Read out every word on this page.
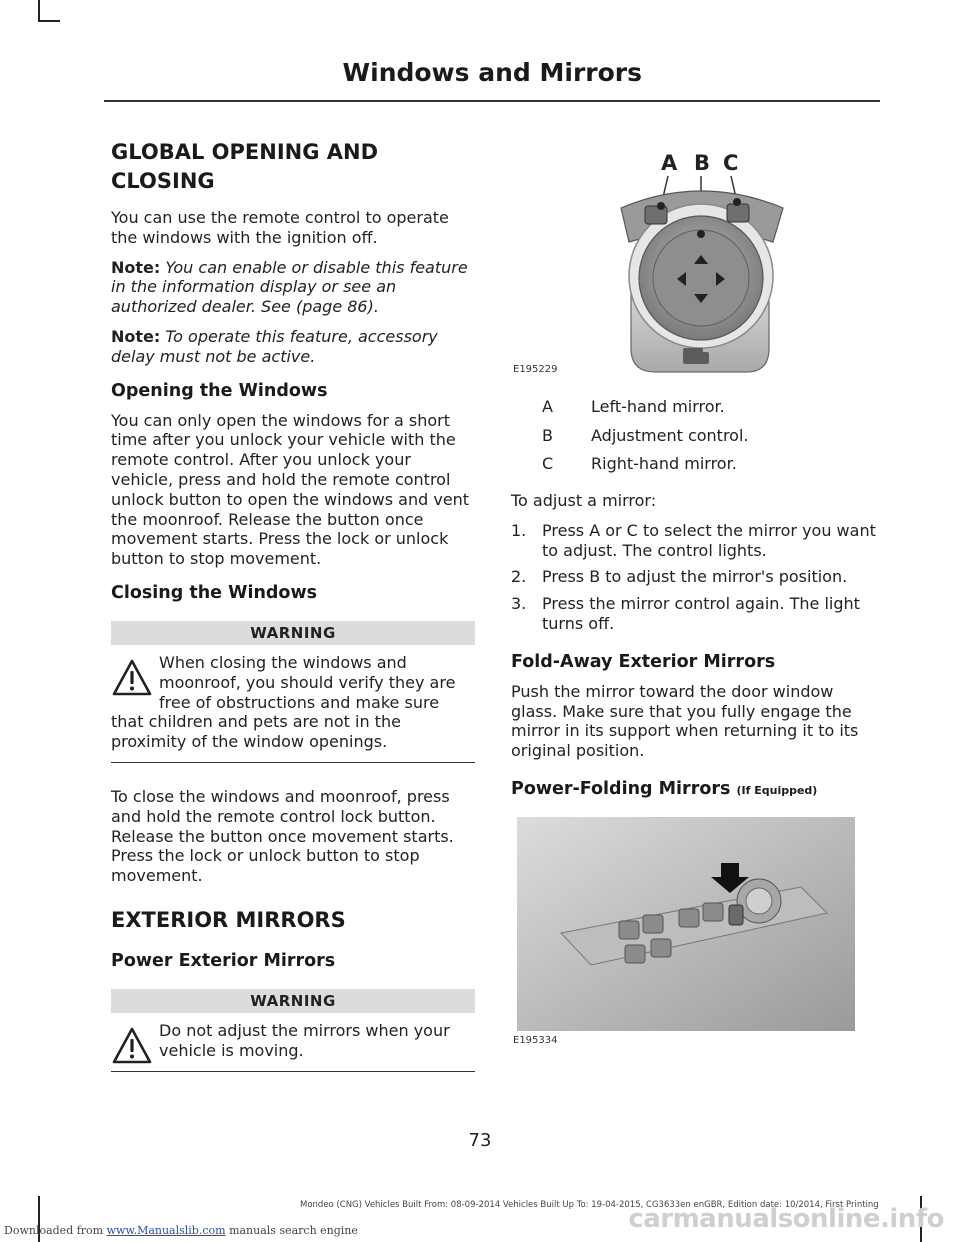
Windows and Mirrors
GLOBAL OPENING AND
CLOSING

You can use the remote control to operate the windows with the ignition off.

Note: You can enable or disable this feature in the information display or see an authorized dealer. See (page 86).

Note: To operate this feature, accessory delay must not be active.

Opening the Windows

You can only open the windows for a short time after you unlock your vehicle with the remote control. After you unlock your vehicle, press and hold the remote control unlock button to open the windows and vent the moonroof. Release the button once movement starts. Press the lock or unlock button to stop movement.

Closing the Windows
WARNING
When closing the windows and moonroof, you should verify they are free of obstructions and make sure that children and pets are not in the proximity of the window openings.

To close the windows and moonroof, press and hold the remote control lock button. Release the button once movement starts. Press the lock or unlock button to stop movement.

EXTERIOR MIRRORS
Power Exterior Mirrors
WARNING
Do not adjust the mirrors when your vehicle is moving.
A B C
E195229
A	Left-hand mirror.
B	Adjustment control.
C	Right-hand mirror.

To adjust a mirror:

1. Press A or C to select the mirror you want to adjust. The control lights.
2. Press B to adjust the mirror's position.
3. Press the mirror control again. The light turns off.
Fold-Away Exterior Mirrors

Push the mirror toward the door window glass. Make sure that you fully engage the mirror in its support when returning it to its original position.

Power-Folding Mirrors (If Equipped)
E195334
73
Mondeo (CNG) Vehicles Built From: 08-09-2014 Vehicles Built Up To: 19-04-2015, CG3633en enGBR, Edition date: 10/2014, First Printing
Downloaded from www.Manualslib.com manuals search engine	carmanualsonline.info
